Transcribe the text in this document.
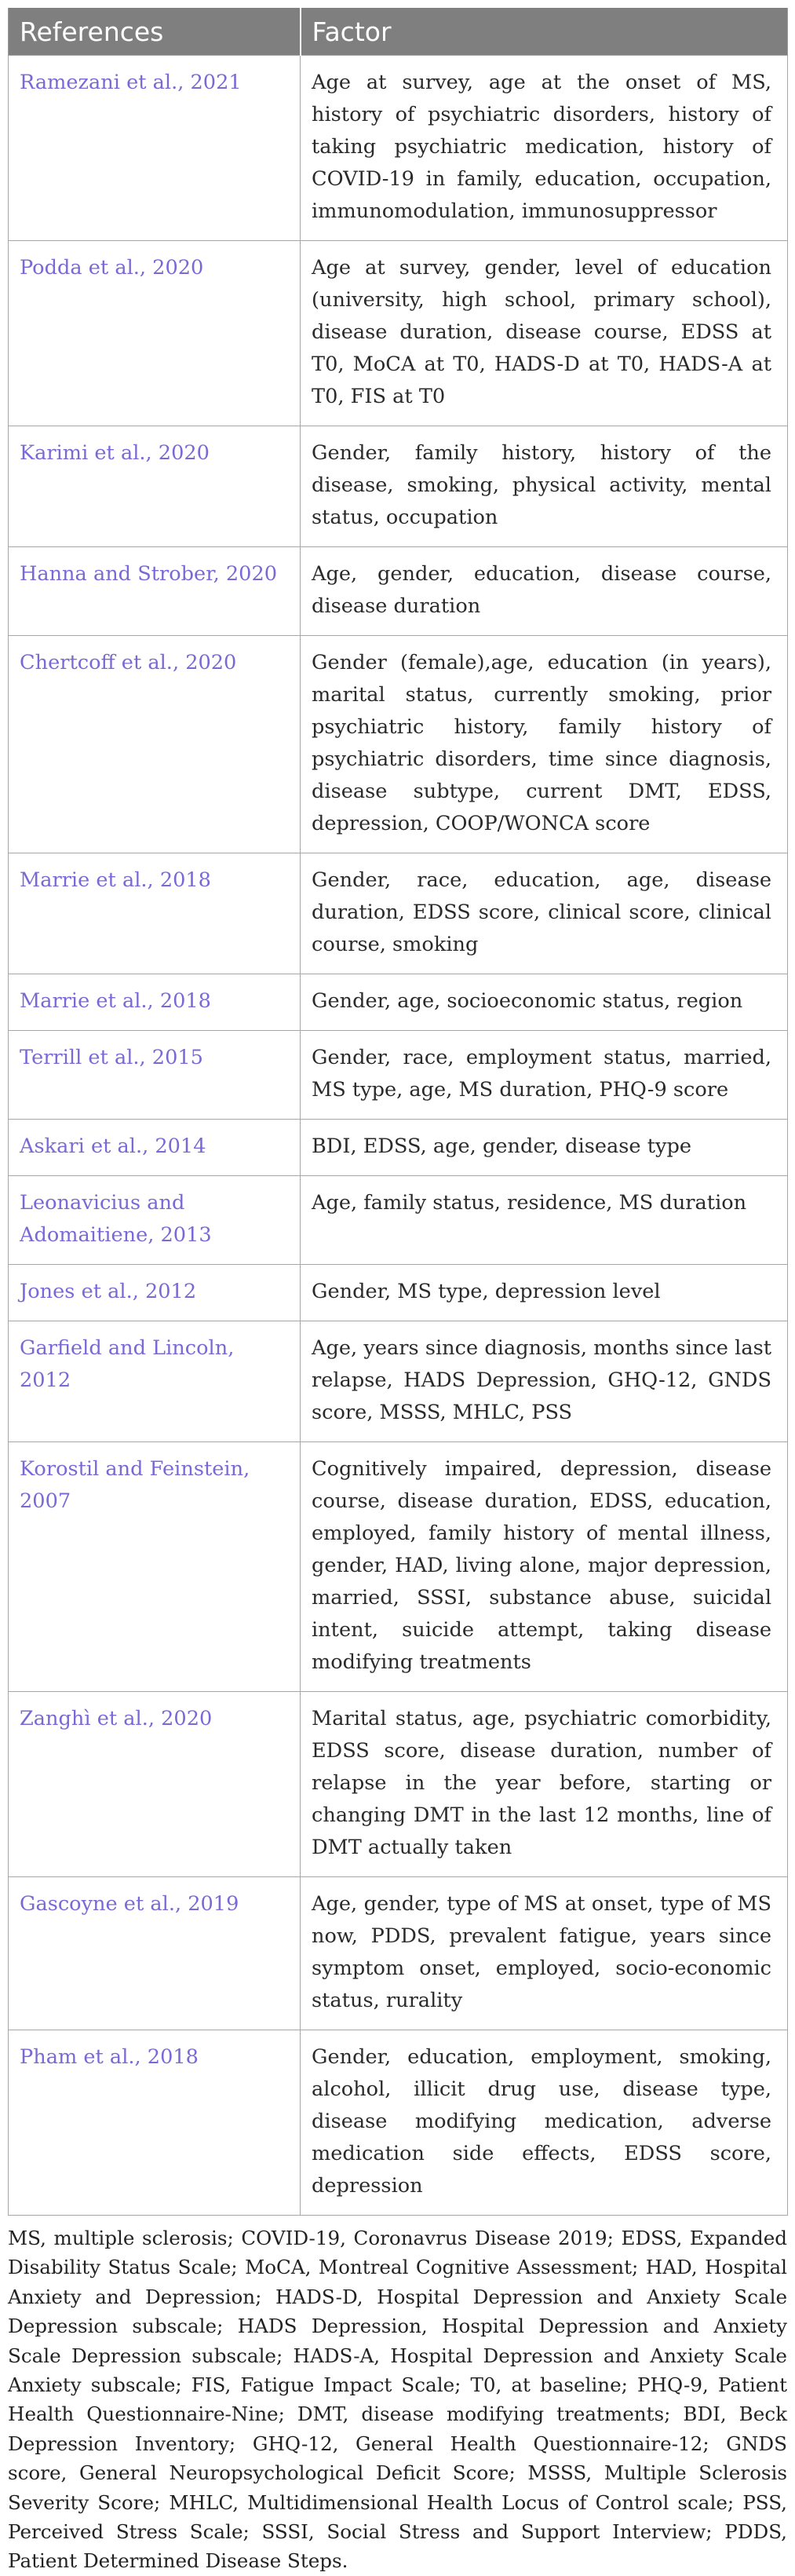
References	Factor
Ramezani et al., 2021	Age at survey, age at the onset of MS, history of psychiatric disorders, history of taking psychiatric medication, history of COVID-19 in family, education, occupation, immunomodulation, immunosuppressor
Podda et al., 2020	Age at survey, gender, level of education (university, high school, primary school), disease duration, disease course, EDSS at T0, MoCA at T0, HADS-D at T0, HADS-A at T0, FIS at T0
Karimi et al., 2020	Gender, family history, history of the disease, smoking, physical activity, mental status, occupation
Hanna and Strober, 2020	Age, gender, education, disease course, disease duration
Chertcoff et al., 2020	Gender (female),age, education (in years), marital status, currently smoking, prior psychiatric history, family history of psychiatric disorders, time since diagnosis, disease subtype, current DMT, EDSS, depression, COOP/WONCA score
Marrie et al., 2018	Gender, race, education, age, disease duration, EDSS score, clinical score, clinical course, smoking
Marrie et al., 2018	Gender, age, socioeconomic status, region
Terrill et al., 2015	Gender, race, employment status, married, MS type, age, MS duration, PHQ-9 score
Askari et al., 2014	BDI, EDSS, age, gender, disease type
Leonavicius and Adomaitiene, 2013	Age, family status, residence, MS duration
Jones et al., 2012	Gender, MS type, depression level
Garfield and Lincoln, 2012	Age, years since diagnosis, months since last relapse, HADS Depression, GHQ-12, GNDS score, MSSS, MHLC, PSS
Korostil and Feinstein, 2007	Cognitively impaired, depression, disease course, disease duration, EDSS, education, employed, family history of mental illness, gender, HAD, living alone, major depression, married, SSSI, substance abuse, suicidal intent, suicide attempt, taking disease modifying treatments
Zanghì et al., 2020	Marital status, age, psychiatric comorbidity, EDSS score, disease duration, number of relapse in the year before, starting or changing DMT in the last 12 months, line of DMT actually taken
Gascoyne et al., 2019	Age, gender, type of MS at onset, type of MS now, PDDS, prevalent fatigue, years since symptom onset, employed, socio-economic status, rurality
Pham et al., 2018	Gender, education, employment, smoking, alcohol, illicit drug use, disease type, disease modifying medication, adverse medication side effects, EDSS score, depression
MS, multiple sclerosis; COVID-19, Coronavrus Disease 2019; EDSS, Expanded Disability Status Scale; MoCA, Montreal Cognitive Assessment; HAD, Hospital Anxiety and Depression; HADS-D, Hospital Depression and Anxiety Scale Depression subscale; HADS Depression, Hospital Depression and Anxiety Scale Depression subscale; HADS-A, Hospital Depression and Anxiety Scale Anxiety subscale; FIS, Fatigue Impact Scale; T0, at baseline; PHQ-9, Patient Health Questionnaire-Nine; DMT, disease modifying treatments; BDI, Beck Depression Inventory; GHQ-12, General Health Questionnaire-12; GNDS score, General Neuropsychological Deficit Score; MSSS, Multiple Sclerosis Severity Score; MHLC, Multidimensional Health Locus of Control scale; PSS, Perceived Stress Scale; SSSI, Social Stress and Support Interview; PDDS, Patient Determined Disease Steps.
